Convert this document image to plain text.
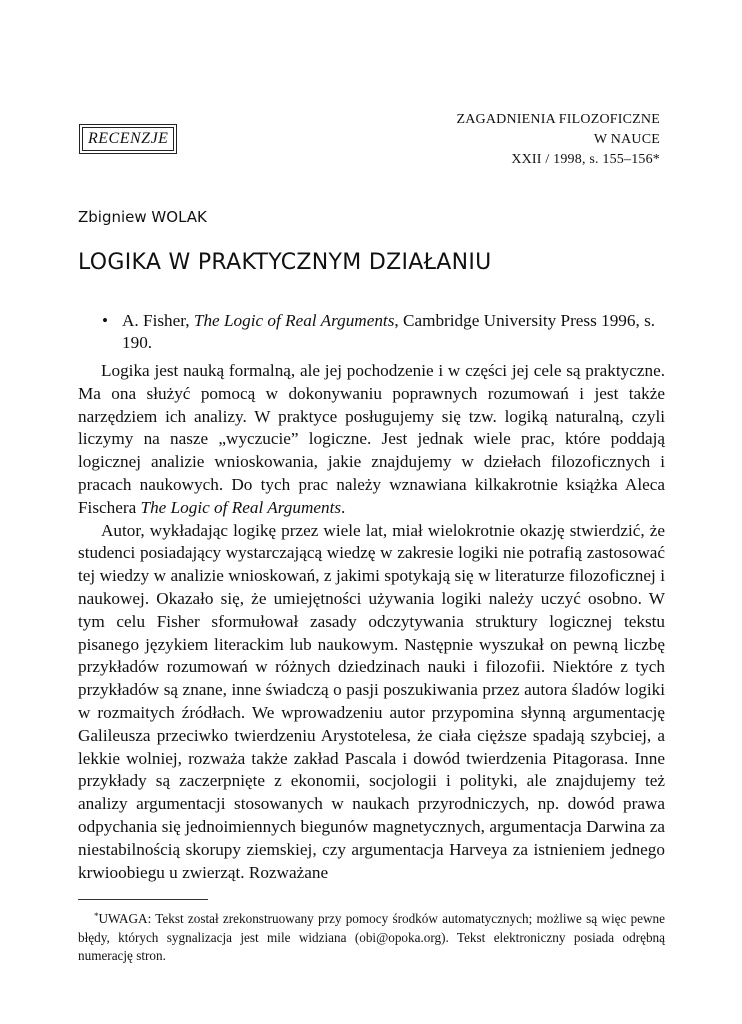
ZAGADNIENIA FILOZOFICZNE
W NAUCE
XXII / 1998, s. 155–156*
RECENZJE
Zbigniew WOLAK
LOGIKA W PRAKTYCZNYM DZIAŁANIU
• A. Fisher, The Logic of Real Arguments, Cambridge University Press 1996, s. 190.

Logika jest nauką formalną, ale jej pochodzenie i w części jej cele są praktyczne. Ma ona służyć pomocą w dokonywaniu poprawnych rozumowań i jest także narzędziem ich analizy. W praktyce posługujemy się tzw. logiką naturalną, czyli liczymy na nasze „wyczucie” logiczne. Jest jednak wiele prac, które poddają logicznej analizie wnioskowania, jakie znajdujemy w dziełach filozoficznych i pracach naukowych. Do tych prac należy wznawiana kilkakrotnie książka Aleca Fischera The Logic of Real Arguments.

Autor, wykładając logikę przez wiele lat, miał wielokrotnie okazję stwierdzić, że studenci posiadający wystarczającą wiedzę w zakresie logiki nie potrafią zastosować tej wiedzy w analizie wnioskowań, z jakimi spotykają się w literaturze filozoficznej i naukowej. Okazało się, że umiejętności używania logiki należy uczyć osobno. W tym celu Fisher sformułował zasady odczytywania struktury logicznej tekstu pisanego językiem literackim lub naukowym. Następnie wyszukał on pewną liczbę przykładów rozumowań w różnych dziedzinach nauki i filozofii. Niektóre z tych przykładów są znane, inne świadczą o pasji poszukiwania przez autora śladów logiki w rozmaitych źródłach. We wprowadzeniu autor przypomina słynną argumentację Galileusza przeciwko twierdzeniu Arystotelesa, że ciała cięższe spadają szybciej, a lekkie wolniej, rozważa także zakład Pascala i dowód twierdzenia Pitagorasa. Inne przykłady są zaczerpnięte z ekonomii, socjologii i polityki, ale znajdujemy też analizy argumentacji stosowanych w naukach przyrodniczych, np. dowód prawa odpychania się jednoimiennych biegunów magnetycznych, argumentacja Darwina za niestabilnością skorupy ziemskiej, czy argumentacja Harveya za istnieniem jednego krwioobiegu u zwierząt. Rozważane

*UWAGA: Tekst został zrekonstruowany przy pomocy środków automatycznych; możliwe są więc pewne błędy, których sygnalizacja jest mile widziana (obi@opoka.org). Tekst elektroniczny posiada odrębną numerację stron.
